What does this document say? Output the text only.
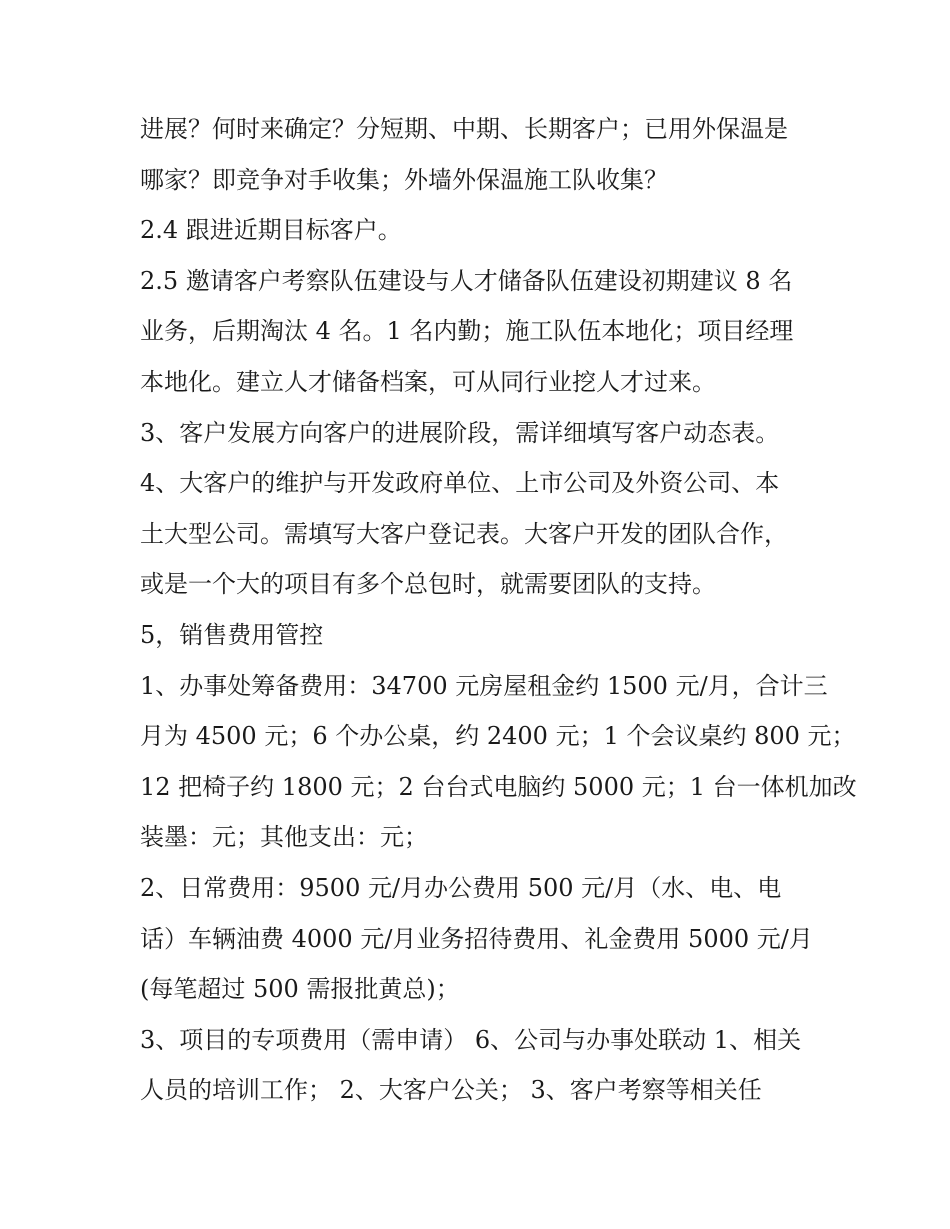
进展？何时来确定？分短期、中期、长期客户；已用外保温是
哪家？即竞争对手收集；外墙外保温施工队收集？
2.4 跟进近期目标客户。
2.5 邀请客户考察队伍建设与人才储备队伍建设初期建议 8 名
业务，后期淘汰 4 名。1 名内勤；施工队伍本地化；项目经理
本地化。建立人才储备档案，可从同行业挖人才过来。
3、客户发展方向客户的进展阶段，需详细填写客户动态表。
4、大客户的维护与开发政府单位、上市公司及外资公司、本
土大型公司。需填写大客户登记表。大客户开发的团队合作，
或是一个大的项目有多个总包时，就需要团队的支持。
5，销售费用管控
1、办事处筹备费用：34700 元房屋租金约 1500 元/月，合计三
月为 4500 元；6 个办公桌，约 2400 元；1 个会议桌约 800 元；
12 把椅子约 1800 元；2 台台式电脑约 5000 元；1 台一体机加改
装墨：元；其他支出：元；
2、日常费用：9500 元/月办公费用 500 元/月（水、电、电
话）车辆油费 4000 元/月业务招待费用、礼金费用 5000 元/月
(每笔超过 500 需报批黄总)；
3、项目的专项费用（需申请） 6、公司与办事处联动 1、相关
人员的培训工作； 2、大客户公关； 3、客户考察等相关任
